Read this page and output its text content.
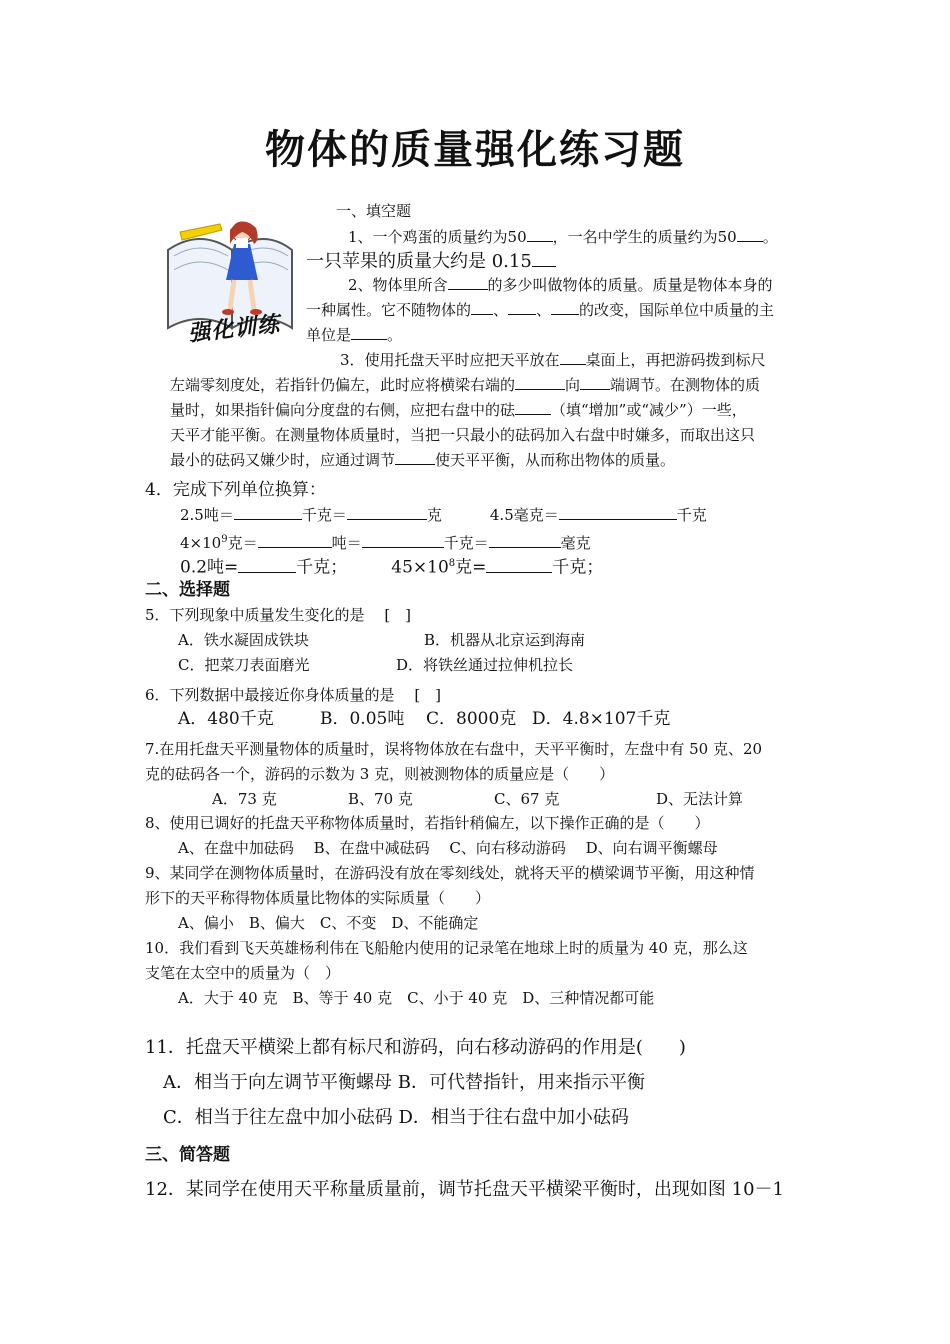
物体的质量强化练习题
强化训练
一、填空题
1、一个鸡蛋的质量约为50 ，一名中学生的质量约为50 。
一只苹果的质量大约是 0.15
2、物体里所含	的多少叫做物体的质量。质量是物体本身的
一种属性。它不随物体的 、 、 的改变，国际单位中质量的主
单位是 。
3．使用托盘天平时应把天平放在 桌面上，再把游码拨到标尺
左端零刻度处，若指针仍偏左，此时应将横梁右端的	向 端调节。在测物体的质
量时，如果指针偏向分度盘的右侧，应把右盘中的砝 （填“增加”或“减少”）一些，
天平才能平衡。在测量物体质量时，当把一只最小的砝码加入右盘中时嫌多，而取出这只
最小的砝码又嫌少时，应通过调节	使天平平衡，从而称出物体的质量。
4．完成下列单位换算：
2.5吨＝	千克＝	克	4.5毫克＝	千克
$4\times 10^9$克＝	吨＝	千克＝	毫克
0.2吨=	千克；	$45\times 10^8$克=	千克；
二、选择题
5．下列现象中质量发生变化的是　 [　]
A．铁水凝固成铁块	B．机器从北京运到海南
C．把菜刀表面磨光	D．将铁丝通过拉伸机拉长
6．下列数据中最接近你身体质量的是　 [　]
A．480千克	B．0.05吨 C．8000克 D．4.8×107千克
7.在用托盘天平测量物体的质量时，误将物体放在右盘中，天平平衡时，左盘中有 50 克、20
克的砝码各一个，游码的示数为 3 克，则被测物体的质量应是（　　）
A．73 克	B、70 克	C、67 克	D、无法计算
8、使用已调好的托盘天平称物体质量时，若指针稍偏左，以下操作正确的是（　　）
A、在盘中加砝码　 B、在盘中减砝码　 C、向右移动游码　 D、向右调平衡螺母
9、某同学在测物体质量时，在游码没有放在零刻线处，就将天平的横梁调节平衡，用这种情
形下的天平称得物体质量比物体的实际质量（　　）
A、偏小　B、偏大　C、不变　D、不能确定
10．我们看到飞天英雄杨利伟在飞船舱内使用的记录笔在地球上时的质量为 40 克，那么这
支笔在太空中的质量为（　）
A．大于 40 克　B、等于 40 克　C、小于 40 克　D、三种情况都可能
11．托盘天平横梁上都有标尺和游码，向右移动游码的作用是(　　)
A．相当于向左调节平衡螺母 B．可代替指针，用来指示平衡
C．相当于往左盘中加小砝码 D．相当于往右盘中加小砝码
三、简答题
12．某同学在使用天平称量质量前，调节托盘天平横梁平衡时，出现如图 10－1
